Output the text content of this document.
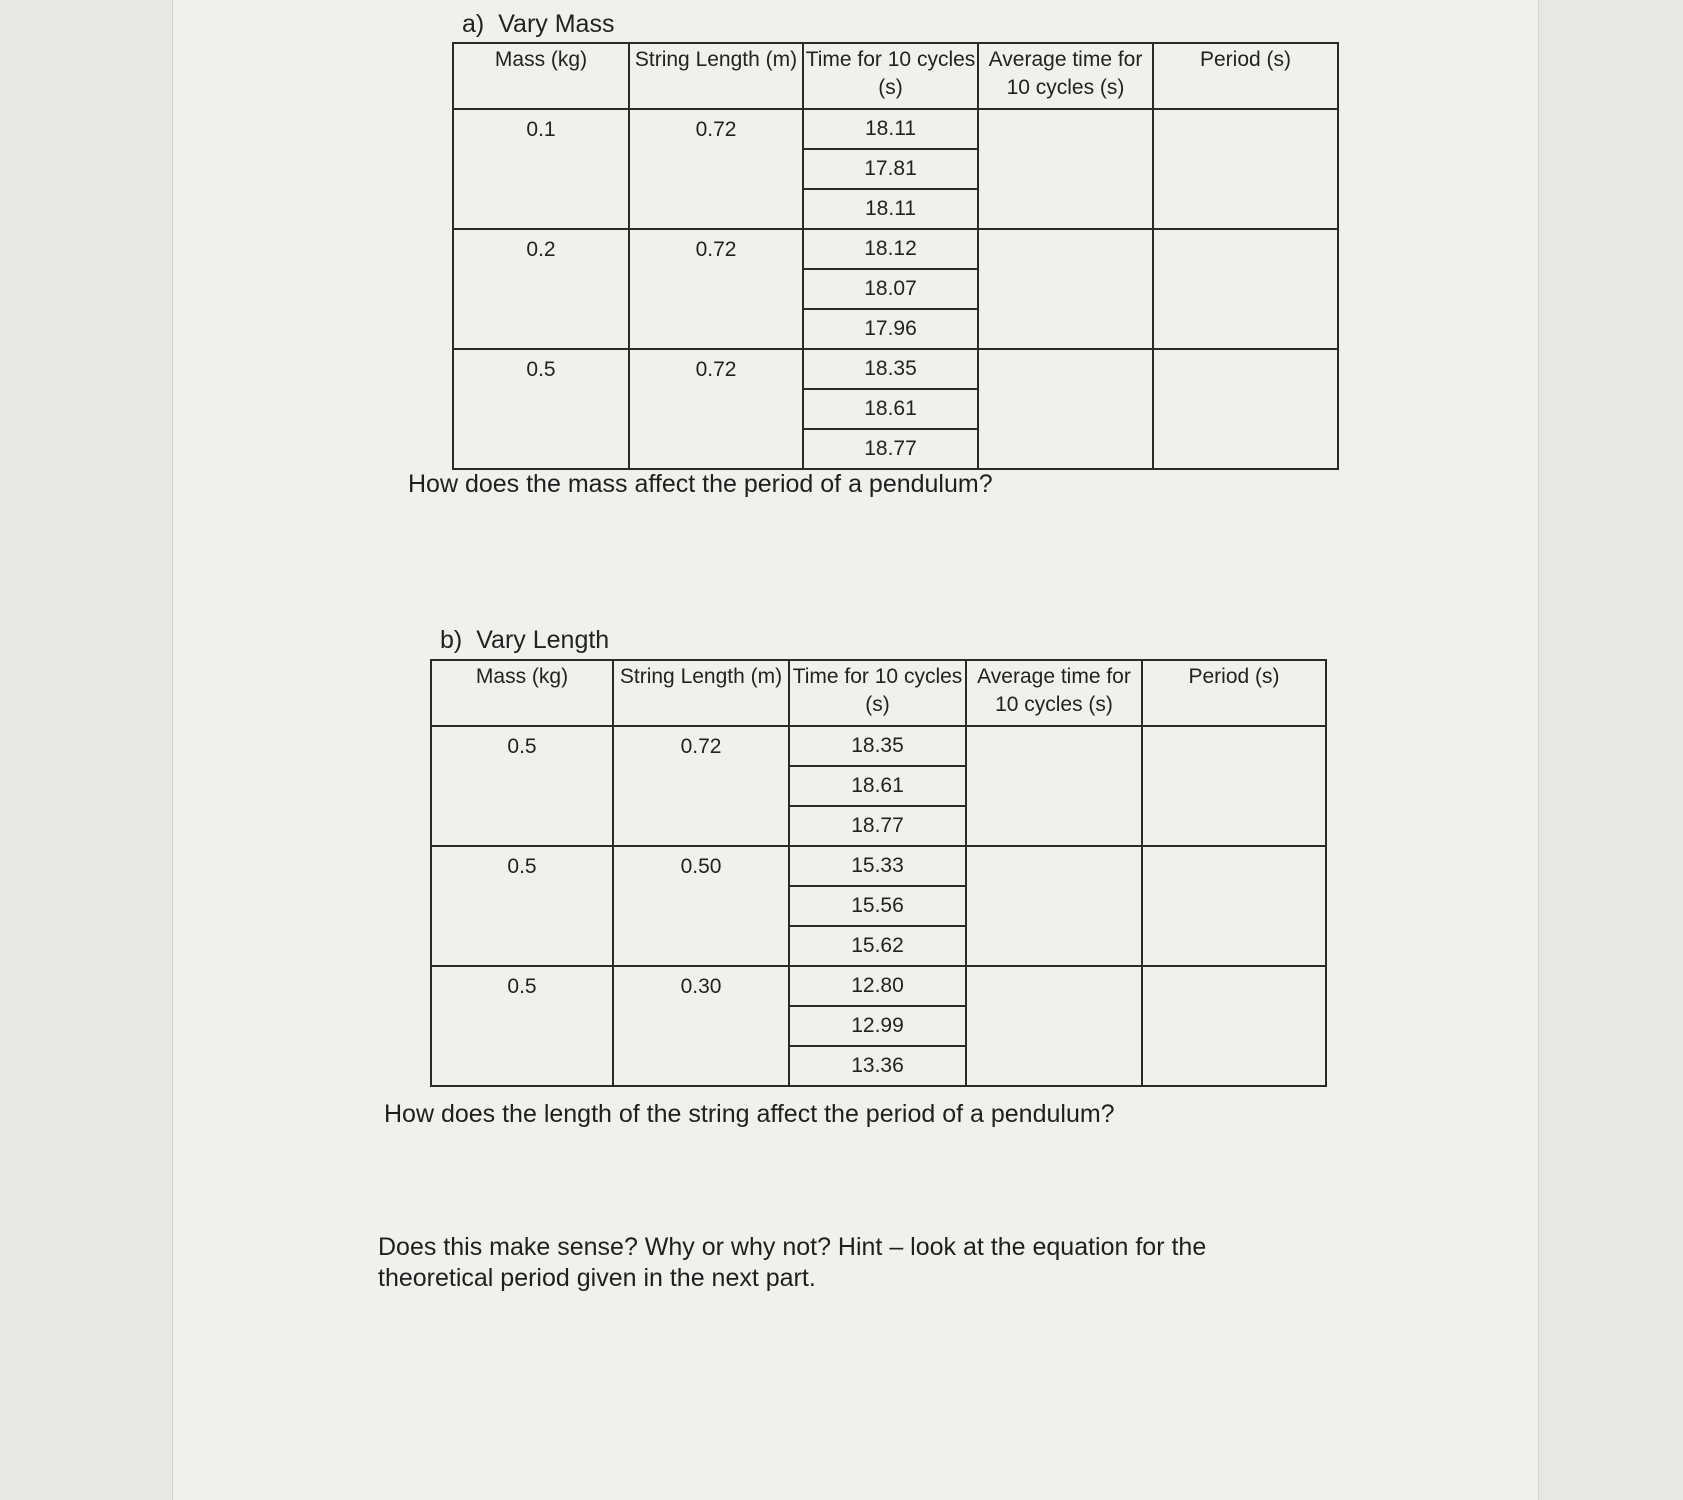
a) Vary Mass
Mass (kg)	String Length (m)	Time for 10 cycles (s)	Average time for 10 cycles (s)	Period (s)
0.1	0.72	18.11		
		17.81		
		18.11		
0.2	0.72	18.12		
		18.07		
		17.96		
0.5	0.72	18.35		
		18.61		
		18.77		
How does the mass affect the period of a pendulum?
b) Vary Length
Mass (kg)	String Length (m)	Time for 10 cycles (s)	Average time for 10 cycles (s)	Period (s)
0.5	0.72	18.35		
		18.61		
		18.77		
0.5	0.50	15.33		
		15.56		
		15.62		
0.5	0.30	12.80		
		12.99		
		13.36		
How does the length of the string affect the period of a pendulum?
Does this make sense? Why or why not? Hint – look at the equation for the theoretical period given in the next part.
